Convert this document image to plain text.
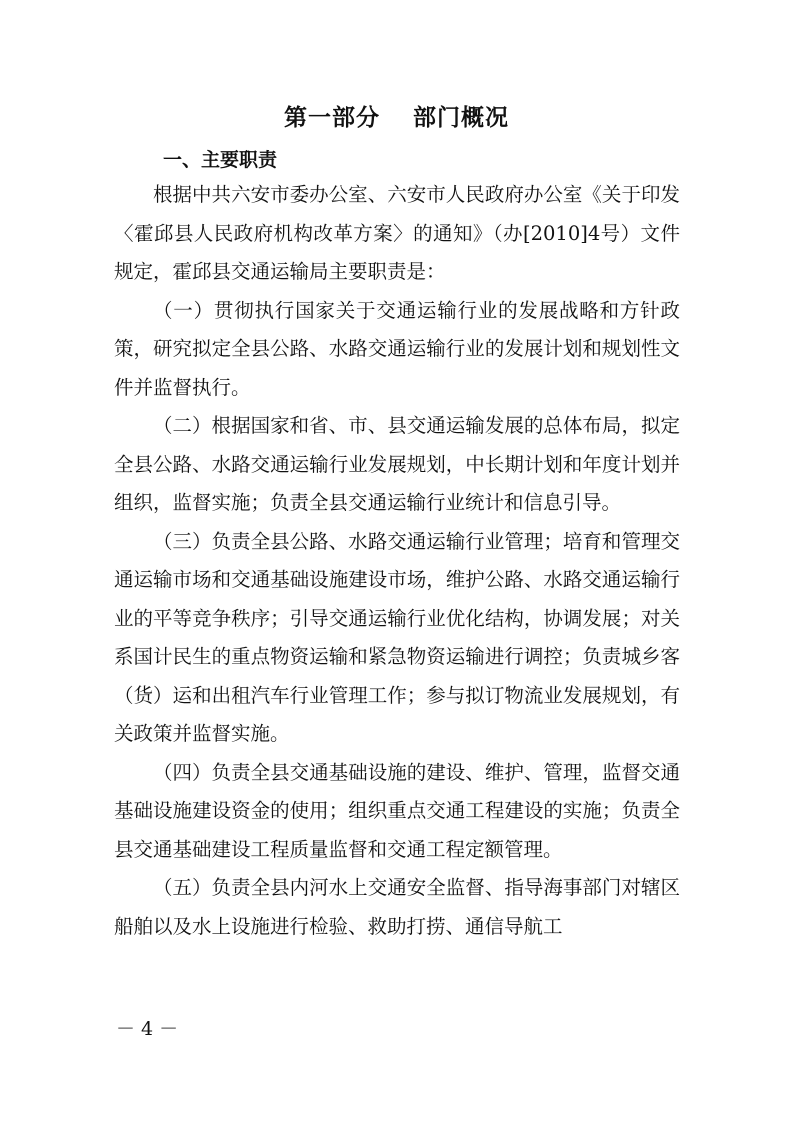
第一部分　 部门概况
一、主要职责

根据中共六安市委办公室、六安市人民政府办公室《关于印发〈霍邱县人民政府机构改革方案〉的通知》（办[2010]4号）文件规定，霍邱县交通运输局主要职责是：

（一）贯彻执行国家关于交通运输行业的发展战略和方针政策，研究拟定全县公路、水路交通运输行业的发展计划和规划性文件并监督执行。

（二）根据国家和省、市、县交通运输发展的总体布局，拟定全县公路、水路交通运输行业发展规划，中长期计划和年度计划并组织，监督实施；负责全县交通运输行业统计和信息引导。

（三）负责全县公路、水路交通运输行业管理；培育和管理交通运输市场和交通基础设施建设市场，维护公路、水路交通运输行业的平等竞争秩序；引导交通运输行业优化结构，协调发展；对关系国计民生的重点物资运输和紧急物资运输进行调控；负责城乡客（货）运和出租汽车行业管理工作；参与拟订物流业发展规划，有关政策并监督实施。

（四）负责全县交通基础设施的建设、维护、管理，监督交通基础设施建设资金的使用；组织重点交通工程建设的实施；负责全县交通基础建设工程质量监督和交通工程定额管理。

（五）负责全县内河水上交通安全监督、指导海事部门对辖区船舶以及水上设施进行检验、救助打捞、通信导航工

－ 4 －
